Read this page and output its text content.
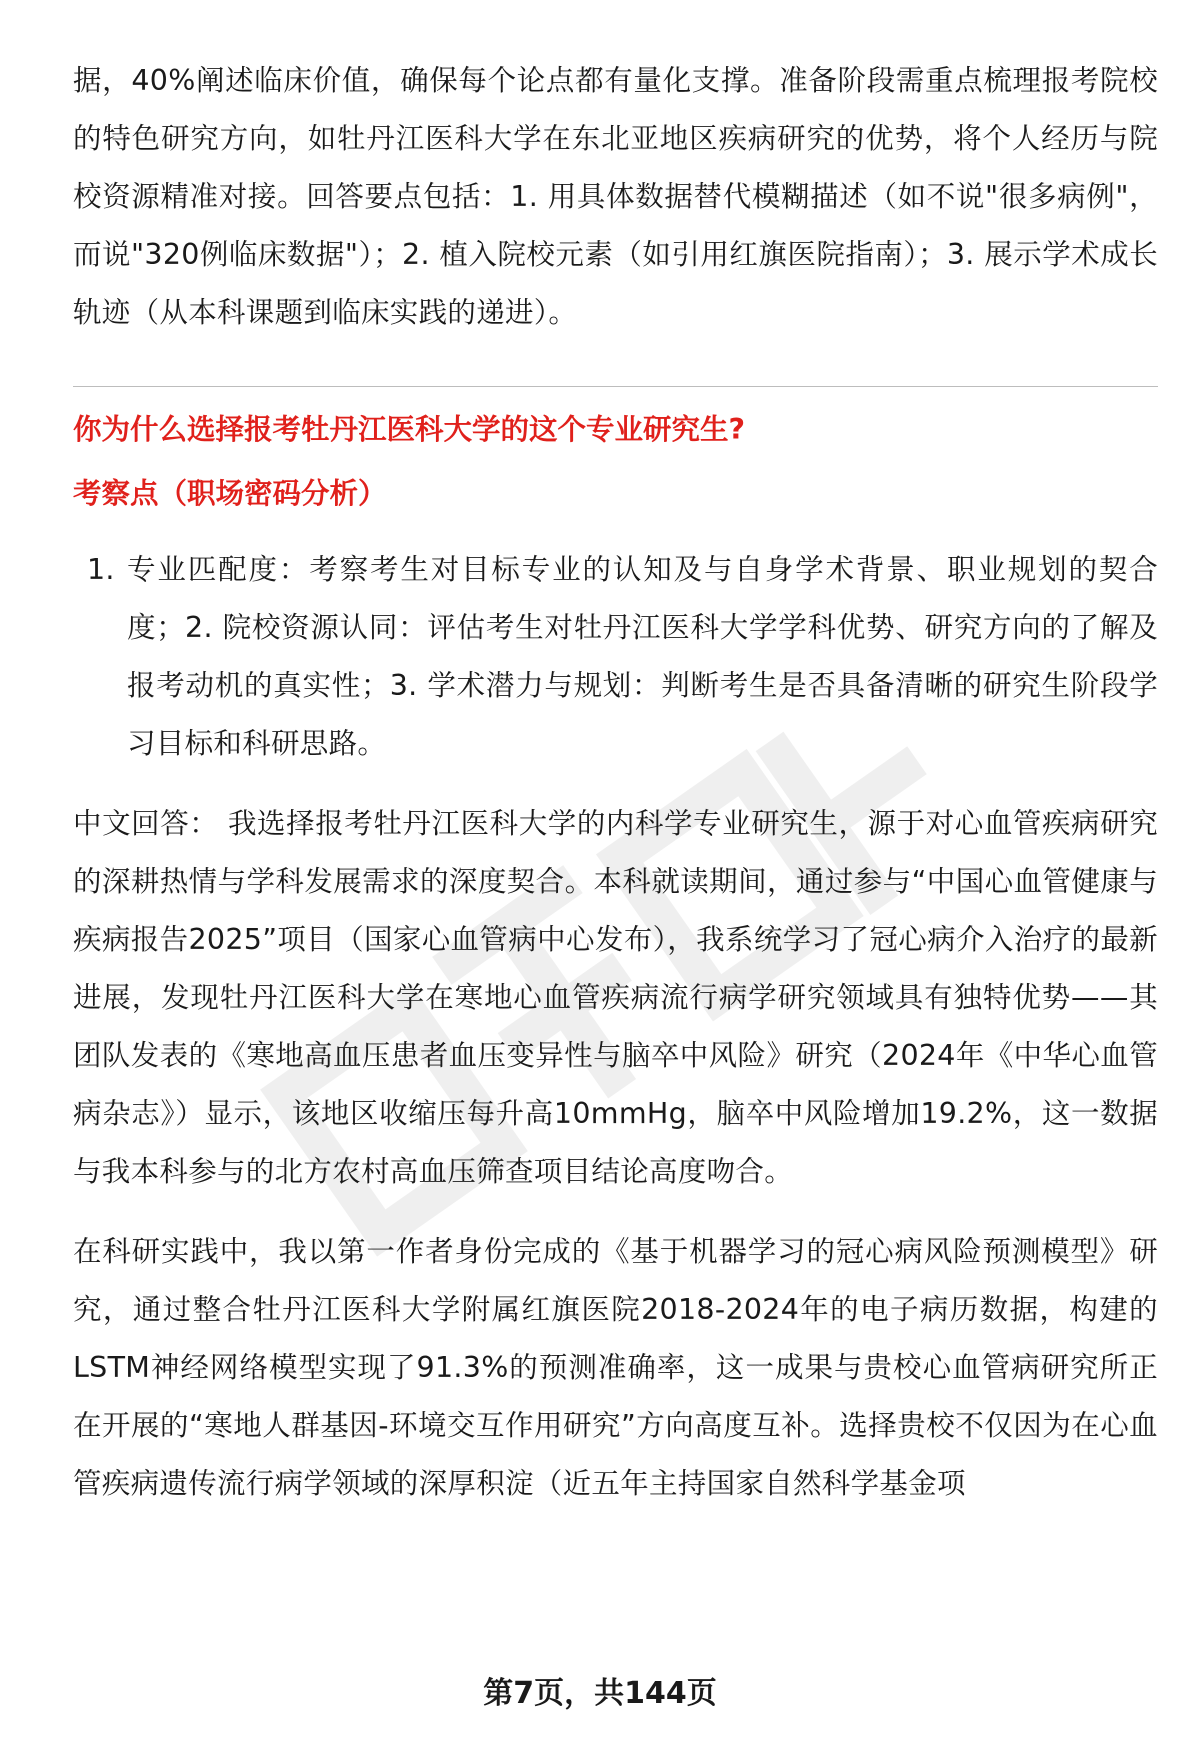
据，40%阐述临床价值，确保每个论点都有量化支撑。准备阶段需重点梳理报考院校的特色研究方向，如牡丹江医科大学在东北亚地区疾病研究的优势，将个人经历与院校资源精准对接。回答要点包括：1. 用具体数据替代模糊描述（如不说"很多病例"，而说"320例临床数据"）；2. 植入院校元素（如引用红旗医院指南）；3. 展示学术成长轨迹（从本科课题到临床实践的递进）。

你为什么选择报考牡丹江医科大学的这个专业研究生?

考察点（职场密码分析）

1. 专业匹配度：考察考生对目标专业的认知及与自身学术背景、职业规划的契合度；2. 院校资源认同：评估考生对牡丹江医科大学学科优势、研究方向的了解及报考动机的真实性；3. 学术潜力与规划：判断考生是否具备清晰的研究生阶段学习目标和科研思路。

中文回答： 我选择报考牡丹江医科大学的内科学专业研究生，源于对心血管疾病研究的深耕热情与学科发展需求的深度契合。本科就读期间，通过参与“中国心血管健康与疾病报告2025”项目（国家心血管病中心发布），我系统学习了冠心病介入治疗的最新进展，发现牡丹江医科大学在寒地心血管疾病流行病学研究领域具有独特优势——其团队发表的《寒地高血压患者血压变异性与脑卒中风险》研究（2024年《中华心血管病杂志》）显示，该地区收缩压每升高10mmHg，脑卒中风险增加19.2%，这一数据与我本科参与的北方农村高血压筛查项目结论高度吻合。

在科研实践中，我以第一作者身份完成的《基于机器学习的冠心病风险预测模型》研究，通过整合牡丹江医科大学附属红旗医院2018-2024年的电子病历数据，构建的LSTM神经网络模型实现了91.3%的预测准确率，这一成果与贵校心血管病研究所正在开展的“寒地人群基因-环境交互作用研究”方向高度互补。选择贵校不仅因为在心血管疾病遗传流行病学领域的深厚积淀（近五年主持国家自然科学基金项

第7页，共144页
